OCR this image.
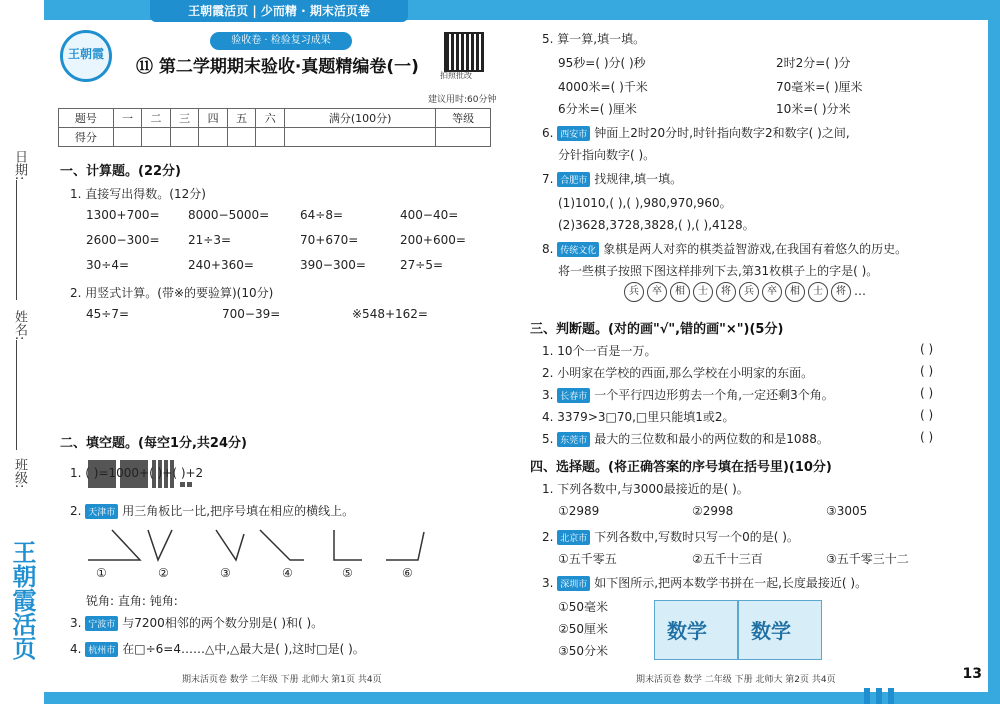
日期:
姓名:
班级:
王朝霞活页
王朝霞活页 | 少而精 · 期末活页卷
王朝霞
验收卷 · 检验复习成果
⑪ 第二学期期末验收·真题精编卷(一)	拍照批改
建议用时:60分钟
题号	一	二	三	四	五	六	满分(100分)	等级
得分								
一、计算题。(22分)
1. 直接写出得数。(12分)
1300+700= 8000−5000=	64÷8=	400−40=
2600−300= 21÷3=	70+670=	200+600=
30÷4=	240+360=	390−300=	27÷5=
2. 用竖式计算。(带※的要验算)(10分)
45÷7=	700−39=	※548+162=
二、填空题。(每空1分,共24分)
1. ( )=1000+( )+( )+2
2. 天津市 用三角板比一比,把序号填在相应的横线上。
①	②	③	④	⑤	⑥
锐角: 直角: 钝角:
3. 宁波市 与7200相邻的两个数分别是( )和( )。
4. 杭州市 在□÷6=4……△中,△最大是( ),这时□是( )。
期末活页卷 数学 二年级 下册 北师大 第1页 共4页
5. 算一算,填一填。
95秒=( )分( )秒	2时2分=( )分
4000米=( )千米	70毫米=( )厘米
6分米=( )厘米	10米=( )分米
6. 西安市 钟面上2时20分时,时针指向数字2和数字( )之间,
分针指向数字( )。
7. 合肥市 找规律,填一填。
(1)1010,( ),( ),980,970,960。
(2)3628,3728,3828,( ),( ),4128。
8. 传统文化 象棋是两人对弈的棋类益智游戏,在我国有着悠久的历史。
将一些棋子按照下图这样排列下去,第31枚棋子上的字是( )。
兵	卒	相	士	将	兵	卒	相	士	将 …
三、判断题。(对的画"√",错的画"×")(5分)
1. 10个一百是一万。	( )
2. 小明家在学校的西面,那么学校在小明家的东面。	( )
3. 长春市 一个平行四边形剪去一个角,一定还剩3个角。	( )
4. 3379>3□70,□里只能填1或2。	( )
5. 东莞市 最大的三位数和最小的两位数的和是1088。	( )
四、选择题。(将正确答案的序号填在括号里)(10分)
1. 下列各数中,与3000最接近的是( )。
①2989	②2998	③3005
2. 北京市 下列各数中,写数时只写一个0的是( )。
①五千零五	②五千十三百	③五千零三十二
3. 深圳市 如下图所示,把两本数学书拼在一起,长度最接近( )。
①50毫米
②50厘米
③50分米
数学 数学
期末活页卷 数学 二年级 下册 北师大 第2页 共4页	13
